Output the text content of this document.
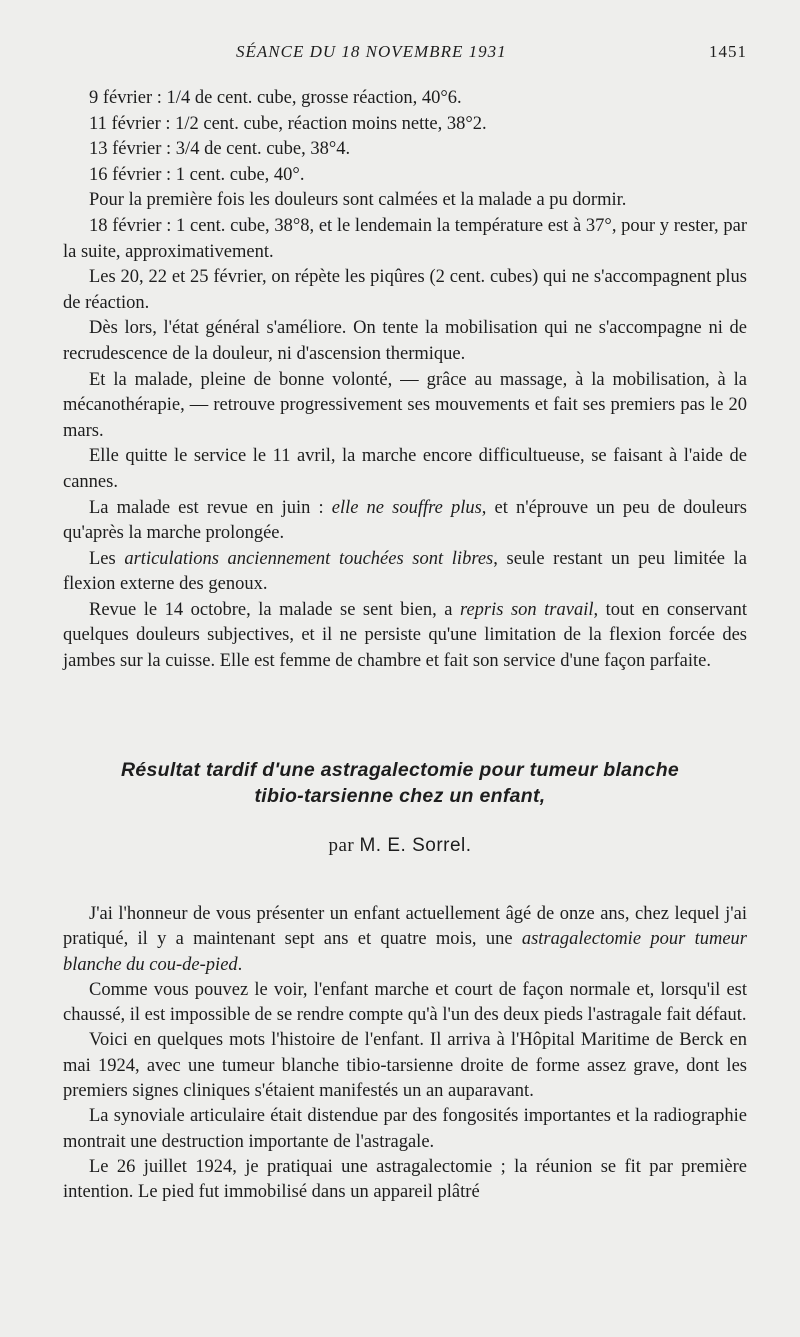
SÉANCE DU 18 NOVEMBRE 1931	1451

9 février : 1/4 de cent. cube, grosse réaction, 40°6.

11 février : 1/2 cent. cube, réaction moins nette, 38°2.

13 février : 3/4 de cent. cube, 38°4.

16 février : 1 cent. cube, 40°.

Pour la première fois les douleurs sont calmées et la malade a pu dormir.

18 février : 1 cent. cube, 38°8, et le lendemain la température est à 37°, pour y rester, par la suite, approximativement.

Les 20, 22 et 25 février, on répète les piqûres (2 cent. cubes) qui ne s'accompagnent plus de réaction.

Dès lors, l'état général s'améliore. On tente la mobilisation qui ne s'accompagne ni de recrudescence de la douleur, ni d'ascension thermique.

Et la malade, pleine de bonne volonté, — grâce au massage, à la mobilisation, à la mécanothérapie, — retrouve progressivement ses mouvements et fait ses premiers pas le 20 mars.

Elle quitte le service le 11 avril, la marche encore difficultueuse, se faisant à l'aide de cannes.

La malade est revue en juin : elle ne souffre plus, et n'éprouve un peu de douleurs qu'après la marche prolongée.

Les articulations anciennement touchées sont libres, seule restant un peu limitée la flexion externe des genoux.

Revue le 14 octobre, la malade se sent bien, a repris son travail, tout en conservant quelques douleurs subjectives, et il ne persiste qu'une limitation de la flexion forcée des jambes sur la cuisse. Elle est femme de chambre et fait son service d'une façon parfaite.

Résultat tardif d'une astragalectomie pour tumeur blanche
tibio-tarsienne chez un enfant,
par M. E. Sorrel.

J'ai l'honneur de vous présenter un enfant actuellement âgé de onze ans, chez lequel j'ai pratiqué, il y a maintenant sept ans et quatre mois, une astragalectomie pour tumeur blanche du cou-de-pied.

Comme vous pouvez le voir, l'enfant marche et court de façon normale et, lorsqu'il est chaussé, il est impossible de se rendre compte qu'à l'un des deux pieds l'astragale fait défaut.

Voici en quelques mots l'histoire de l'enfant. Il arriva à l'Hôpital Maritime de Berck en mai 1924, avec une tumeur blanche tibio-tarsienne droite de forme assez grave, dont les premiers signes cliniques s'étaient manifestés un an auparavant.

La synoviale articulaire était distendue par des fongosités importantes et la radiographie montrait une destruction importante de l'astragale.

Le 26 juillet 1924, je pratiquai une astragalectomie ; la réunion se fit par première intention. Le pied fut immobilisé dans un appareil plâtré
